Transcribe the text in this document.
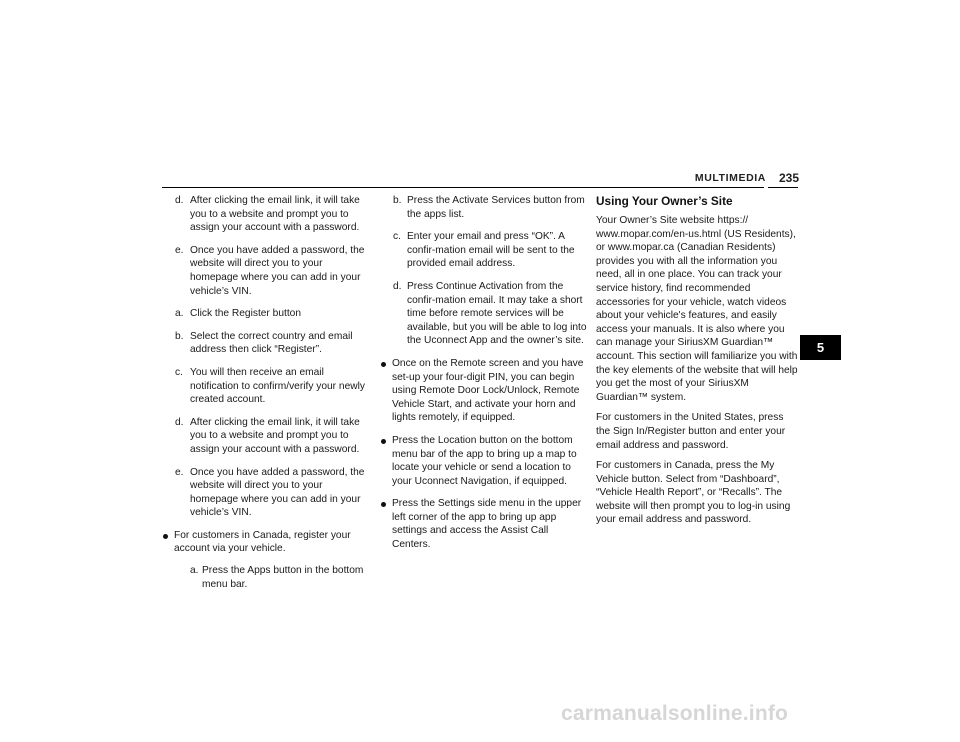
MULTIMEDIA 235
5
d. After clicking the email link, it will take you to a website and prompt you to assign your account with a password.
e. Once you have added a password, the website will direct you to your homepage where you can add in your vehicle’s VIN.
a. Click the Register button
b. Select the correct country and email address then click “Register”.
c. You will then receive an email notification to confirm/verify your newly created account.
d. After clicking the email link, it will take you to a website and prompt you to assign your account with a password.
e. Once you have added a password, the website will direct you to your homepage where you can add in your vehicle’s VIN.
For customers in Canada, register your account via your vehicle.
a. Press the Apps button in the bottom menu bar.
b. Press the Activate Services button from the apps list.
c. Enter your email and press “OK”. A confir-mation email will be sent to the provided email address.
d. Press Continue Activation from the confir-mation email. It may take a short time before remote services will be available, but you will be able to log into the Uconnect App and the owner’s site.
Once on the Remote screen and you have set-up your four-digit PIN, you can begin using Remote Door Lock/Unlock, Remote Vehicle Start, and activate your horn and lights remotely, if equipped.
Press the Location button on the bottom menu bar of the app to bring up a map to locate your vehicle or send a location to your Uconnect Navigation, if equipped.
Press the Settings side menu in the upper left corner of the app to bring up app settings and access the Assist Call Centers.
Using Your Owner’s Site

Your Owner’s Site website https:// www.mopar.com/en-us.html (US Residents), or www.mopar.ca (Canadian Residents) provides you with all the information you need, all in one place. You can track your service history, find recommended accessories for your vehicle, watch videos about your vehicle's features, and easily access your manuals. It is also where you can manage your SiriusXM Guardian™ account. This section will familiarize you with the key elements of the website that will help you get the most of your SiriusXM Guardian™ system.

For customers in the United States, press the Sign In/Register button and enter your email address and password.

For customers in Canada, press the My Vehicle button. Select from “Dashboard”, “Vehicle Health Report”, or “Recalls”. The website will then prompt you to log-in using your email address and password.

carmanualsonline.info
